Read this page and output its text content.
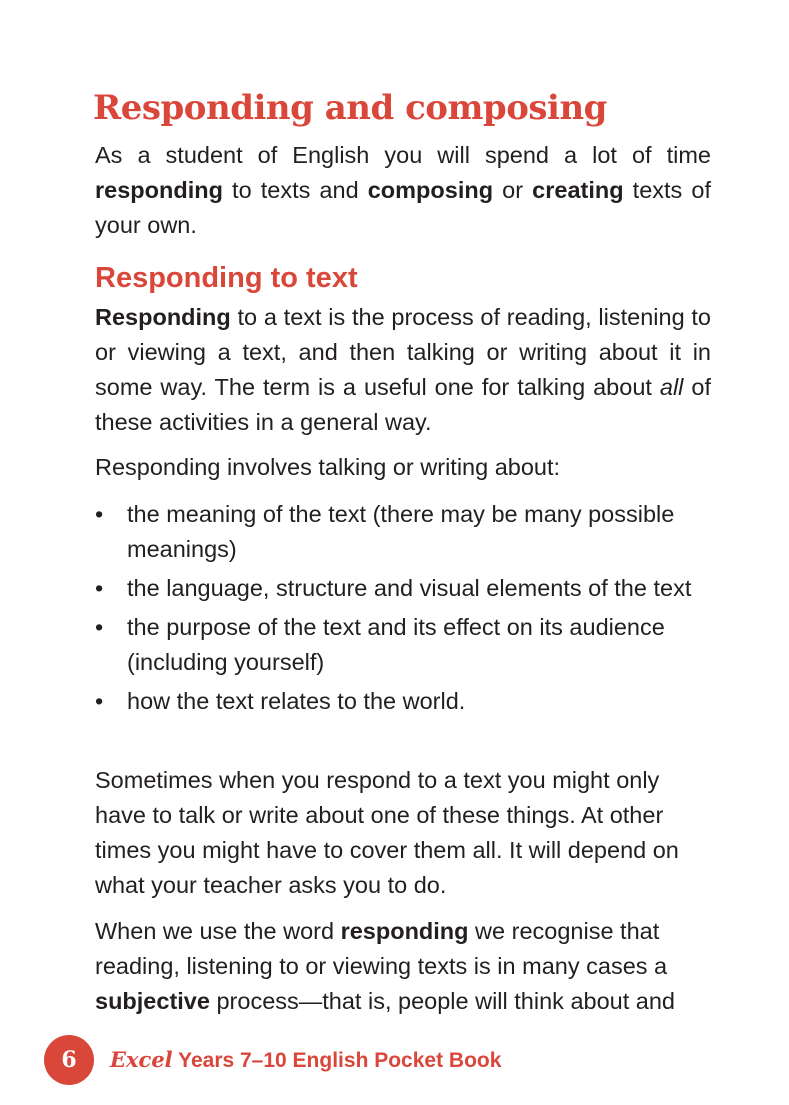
Responding and composing
As a student of English you will spend a lot of time responding to texts and composing or creating texts of your own.
Responding to text
Responding to a text is the process of reading, listening to or viewing a text, and then talking or writing about it in some way. The term is a useful one for talking about all of these activities in a general way.
Responding involves talking or writing about:
• the meaning of the text (there may be many possible meanings)
• the language, structure and visual elements of the text
• the purpose of the text and its effect on its audience (including yourself)
• how the text relates to the world.
Sometimes when you respond to a text you might only have to talk or write about one of these things. At other times you might have to cover them all. It will depend on what your teacher asks you to do.
When we use the word responding we recognise that reading, listening to or viewing texts is in many cases a subjective process—that is, people will think about and
6	Excel Years 7–10 English Pocket Book
